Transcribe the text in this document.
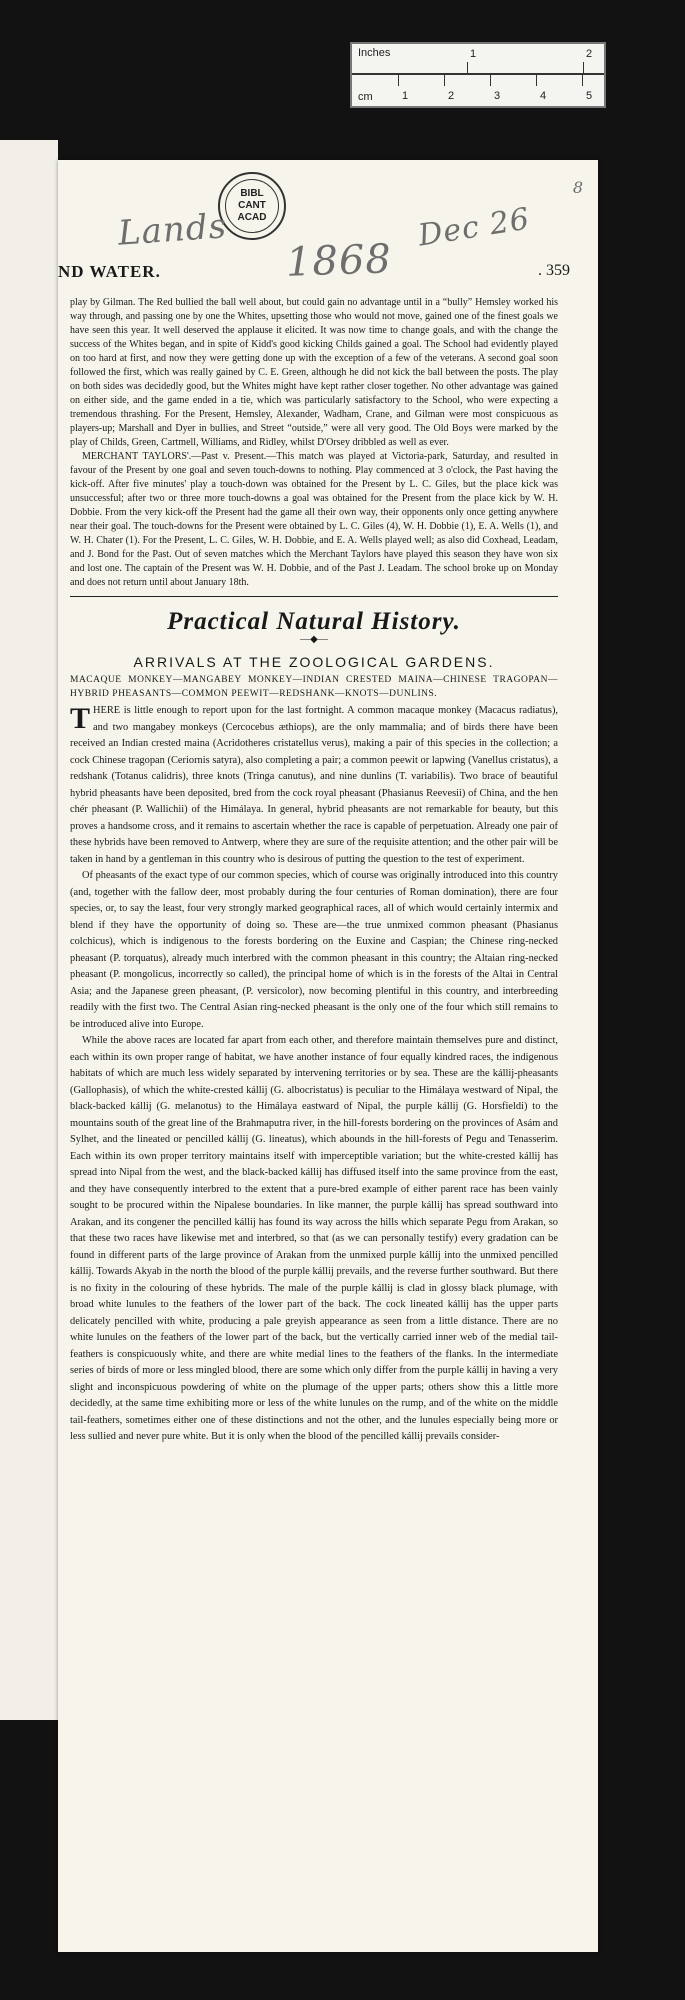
Inches
cm
1	2
1	2	3	4	5
BIBL
CANT
ACAD
Lands
1868
Dec 26
8
ND WATER.	. 359

play by Gilman. The Red bullied the ball well about, but could gain no advantage until in a “bully” Hemsley worked his way through, and passing one by one the Whites, upsetting those who would not move, gained one of the finest goals we have seen this year. It well deserved the applause it elicited. It was now time to change goals, and with the change the success of the Whites began, and in spite of Kidd's good kicking Childs gained a goal. The School had evidently played on too hard at first, and now they were getting done up with the exception of a few of the veterans. A second goal soon followed the first, which was really gained by C. E. Green, although he did not kick the ball between the posts. The play on both sides was decidedly good, but the Whites might have kept rather closer together. No other advantage was gained on either side, and the game ended in a tie, which was particularly satisfactory to the School, who were expecting a tremendous thrashing. For the Present, Hemsley, Alexander, Wadham, Crane, and Gilman were most conspicuous as players-up; Marshall and Dyer in bullies, and Street “outside,” were all very good. The Old Boys were marked by the play of Childs, Green, Cartmell, Williams, and Ridley, whilst D'Orsey dribbled as well as ever.

MERCHANT TAYLORS'.—Past v. Present.—This match was played at Victoria-park, Saturday, and resulted in favour of the Present by one goal and seven touch-downs to nothing. Play commenced at 3 o'clock, the Past having the kick-off. After five minutes' play a touch-down was obtained for the Present by L. C. Giles, but the place kick was unsuccessful; after two or three more touch-downs a goal was obtained for the Present from the place kick by W. H. Dobbie. From the very kick-off the Present had the game all their own way, their opponents only once getting anywhere near their goal. The touch-downs for the Present were obtained by L. C. Giles (4), W. H. Dobbie (1), E. A. Wells (1), and W. H. Chater (1). For the Present, L. C. Giles, W. H. Dobbie, and E. A. Wells played well; as also did Coxhead, Leadam, and J. Bond for the Past. Out of seven matches which the Merchant Taylors have played this season they have won six and lost one. The captain of the Present was W. H. Dobbie, and of the Past J. Leadam. The school broke up on Monday and does not return until about January 18th.

Practical Natural History.
—◆—
ARRIVALS AT THE ZOOLOGICAL GARDENS.
MACAQUE MONKEY—MANGABEY MONKEY—INDIAN CRESTED MAINA—CHINESE TRAGOPAN—HYBRID PHEASANTS—COMMON PEEWIT—REDSHANK—KNOTS—DUNLINS.

THERE is little enough to report upon for the last fortnight. A common macaque monkey (Macacus radiatus), and two mangabey monkeys (Cercocebus æthiops), are the only mammalia; and of birds there have been received an Indian crested maina (Acridotheres cristatellus verus), making a pair of this species in the collection; a cock Chinese tragopan (Ceriornis satyra), also completing a pair; a common peewit or lapwing (Vanellus cristatus), a redshank (Totanus calidris), three knots (Tringa canutus), and nine dunlins (T. variabilis). Two brace of beautiful hybrid pheasants have been deposited, bred from the cock royal pheasant (Phasianus Reevesii) of China, and the hen chér pheasant (P. Wallichii) of the Himálaya. In general, hybrid pheasants are not remarkable for beauty, but this proves a handsome cross, and it remains to ascertain whether the race is capable of perpetuation. Already one pair of these hybrids have been removed to Antwerp, where they are sure of the requisite attention; and the other pair will be taken in hand by a gentleman in this country who is desirous of putting the question to the test of experiment.

Of pheasants of the exact type of our common species, which of course was originally introduced into this country (and, together with the fallow deer, most probably during the four centuries of Roman domination), there are four species, or, to say the least, four very strongly marked geographical races, all of which would certainly intermix and blend if they have the opportunity of doing so. These are—the true unmixed common pheasant (Phasianus colchicus), which is indigenous to the forests bordering on the Euxine and Caspian; the Chinese ring-necked pheasant (P. torquatus), already much interbred with the common pheasant in this country; the Altaian ring-necked pheasant (P. mongolicus, incorrectly so called), the principal home of which is in the forests of the Altai in Central Asia; and the Japanese green pheasant, (P. versicolor), now becoming plentiful in this country, and interbreeding readily with the first two. The Central Asian ring-necked pheasant is the only one of the four which still remains to be introduced alive into Europe.

While the above races are located far apart from each other, and therefore maintain themselves pure and distinct, each within its own proper range of habitat, we have another instance of four equally kindred races, the indigenous habitats of which are much less widely separated by intervening territories or by sea. These are the kállij-pheasants (Gallophasis), of which the white-crested kállij (G. albocristatus) is peculiar to the Himálaya westward of Nipal, the black-backed kállij (G. melanotus) to the Himálaya eastward of Nipal, the purple kállij (G. Horsfieldi) to the mountains south of the great line of the Brahmaputra river, in the hill-forests bordering on the provinces of Asám and Sylhet, and the lineated or pencilled kállij (G. lineatus), which abounds in the hill-forests of Pegu and Tenasserim. Each within its own proper territory maintains itself with imperceptible variation; but the white-crested kállij has spread into Nipal from the west, and the black-backed kállij has diffused itself into the same province from the east, and they have consequently interbred to the extent that a pure-bred example of either parent race has been vainly sought to be procured within the Nipalese boundaries. In like manner, the purple kállij has spread southward into Arakan, and its congener the pencilled kállij has found its way across the hills which separate Pegu from Arakan, so that these two races have likewise met and interbred, so that (as we can personally testify) every gradation can be found in different parts of the large province of Arakan from the unmixed purple kállij into the unmixed pencilled kállij. Towards Akyab in the north the blood of the purple kállij prevails, and the reverse further southward. But there is no fixity in the colouring of these hybrids. The male of the purple kállij is clad in glossy black plumage, with broad white lunules to the feathers of the lower part of the back. The cock lineated kállij has the upper parts delicately pencilled with white, producing a pale greyish appearance as seen from a little distance. There are no white lunules on the feathers of the lower part of the back, but the vertically carried inner web of the medial tail-feathers is conspicuously white, and there are white medial lines to the feathers of the flanks. In the intermediate series of birds of more or less mingled blood, there are some which only differ from the purple kállij in having a very slight and inconspicuous powdering of white on the plumage of the upper parts; others show this a little more decidedly, at the same time exhibiting more or less of the white lunules on the rump, and of the white on the middle tail-feathers, sometimes either one of these distinctions and not the other, and the lunules especially being more or less sullied and never pure white. But it is only when the blood of the pencilled kállij prevails consider-
